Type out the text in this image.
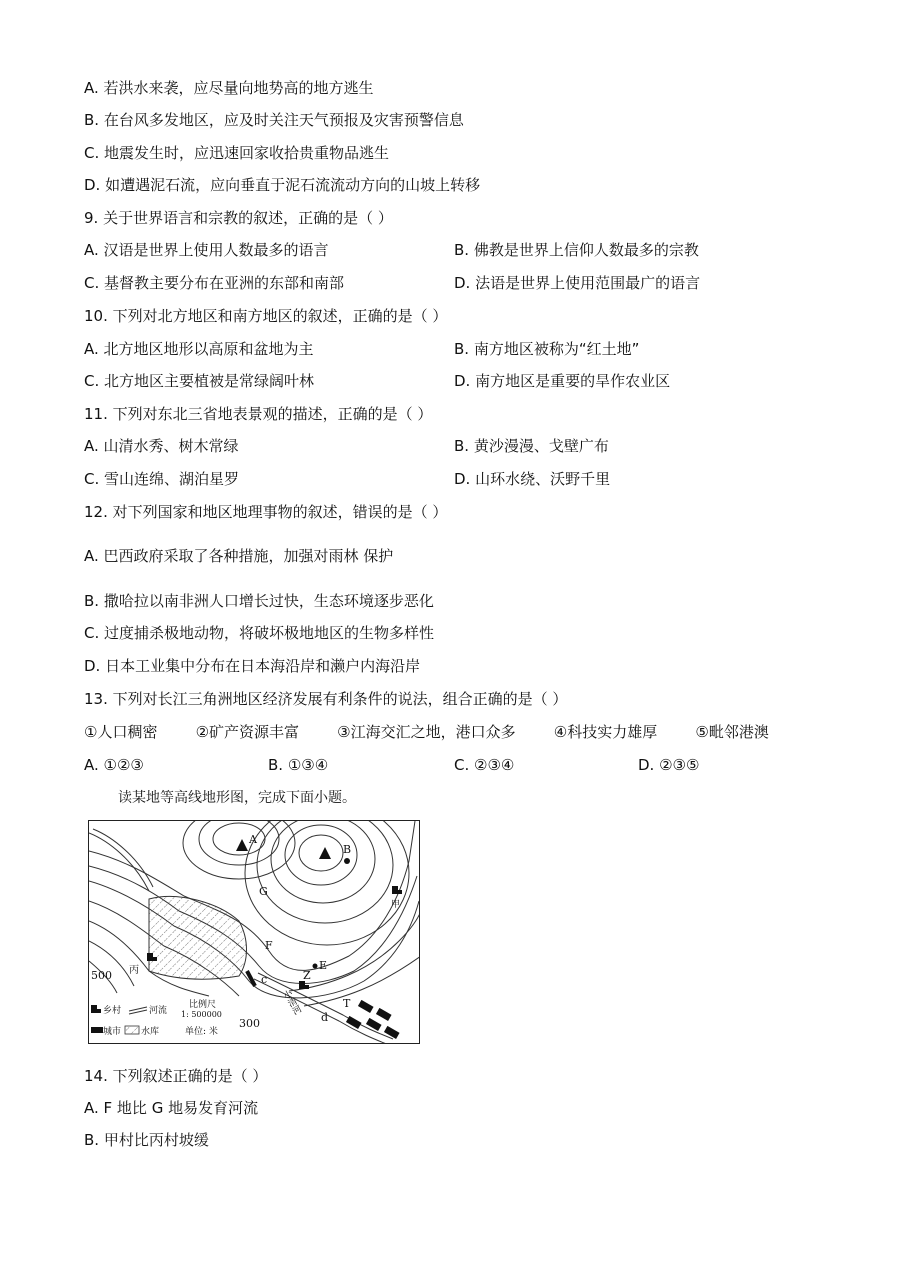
A. 若洪水来袭，应尽量向地势高的地方逃生
B. 在台风多发地区，应及时关注天气预报及灾害预警信息
C. 地震发生时，应迅速回家收拾贵重物品逃生
D. 如遭遇泥石流，应向垂直于泥石流流动方向的山坡上转移
9. 关于世界语言和宗教的叙述，正确的是（ ）
A. 汉语是世界上使用人数最多的语言	B. 佛教是世界上信仰人数最多的宗教
C. 基督教主要分布在亚洲的东部和南部	D. 法语是世界上使用范围最广的语言
10. 下列对北方地区和南方地区的叙述，正确的是（ ）
A. 北方地区地形以高原和盆地为主	B. 南方地区被称为“红土地”
C. 北方地区主要植被是常绿阔叶林	D. 南方地区是重要的旱作农业区
11. 下列对东北三省地表景观的描述，正确的是（ ）
A. 山清水秀、树木常绿	B. 黄沙漫漫、戈壁广布
C. 雪山连绵、湖泊星罗	D. 山环水绕、沃野千里
12. 对下列国家和地区地理事物的叙述，错误的是（ ）
A. 巴西政府采取了各种措施，加强对雨林 保护
B. 撒哈拉以南非洲人口增长过快，生态环境逐步恶化
C. 过度捕杀极地动物，将破坏极地地区的生物多样性
D. 日本工业集中分布在日本海沿岸和濑户内海沿岸
13. 下列对长江三角洲地区经济发展有利条件的说法，组合正确的是（ ）
①人口稠密        ②矿产资源丰富        ③江海交汇之地，港口众多        ④科技实力雄厚        ⑤毗邻港澳
A. ①②③	B. ①③④	C. ②③④	D. ②③⑤
读某地等高线地形图，完成下面小题。
A
B
G
F
E
Z
c
d
T
甲
丙
500
300
小清河
乡村	河流
城市 水库
比例尺
1: 500000
单位: 米
14. 下列叙述正确的是（ ）
A. F 地比 G 地易发育河流
B. 甲村比丙村坡缓
